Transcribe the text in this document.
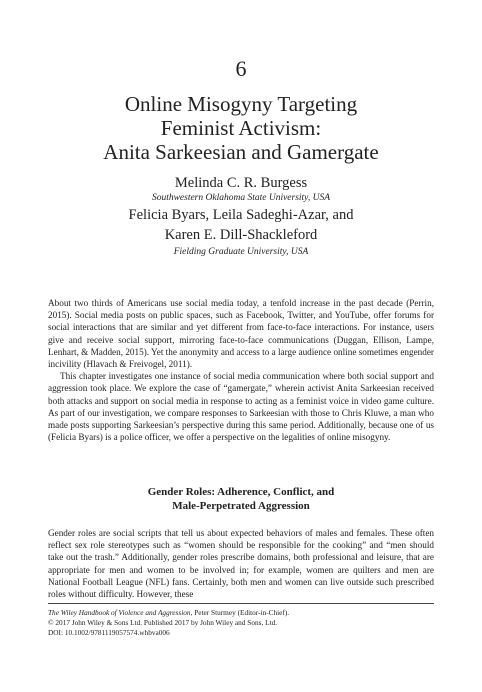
6
Online Misogyny Targeting
Feminist Activism:
Anita Sarkeesian and Gamergate
Melinda C. R. Burgess
Southwestern Oklahoma State University, USA
Felicia Byars, Leila Sadeghi-Azar, and
Karen E. Dill-Shackleford
Fielding Graduate University, USA

About two thirds of Americans use social media today, a tenfold increase in the past decade (Perrin, 2015). Social media posts on public spaces, such as Facebook, Twitter, and YouTube, offer forums for social interactions that are similar and yet different from face-to-face interactions. For instance, users give and receive social support, mirroring face-to-face communications (Duggan, Ellison, Lampe, Lenhart, & Madden, 2015). Yet the anonymity and access to a large audience online sometimes engender incivility (Hlavach & Freivogel, 2011).

This chapter investigates one instance of social media communication where both social support and aggression took place. We explore the case of “gamergate,” wherein activist Anita Sarkeesian received both attacks and support on social media in response to acting as a feminist voice in video game culture. As part of our investigation, we compare responses to Sarkeesian with those to Chris Kluwe, a man who made posts supporting Sarkeesian’s perspective during this same period. Additionally, because one of us (Felicia Byars) is a police officer, we offer a perspective on the legalities of online misogyny.

Gender Roles: Adherence, Conflict, and
Male-Perpetrated Aggression

Gender roles are social scripts that tell us about expected behaviors of males and females. These often reflect sex role stereotypes such as “women should be responsible for the cooking” and “men should take out the trash.” Additionally, gender roles prescribe domains, both professional and leisure, that are appropriate for men and women to be involved in; for example, women are quilters and men are National Football League (NFL) fans. Certainly, both men and women can live outside such prescribed roles without difficulty. However, these

The Wiley Handbook of Violence and Aggression, Peter Sturmey (Editor-in-Chief).
© 2017 John Wiley & Sons Ltd. Published 2017 by John Wiley and Sons, Ltd.
DOI: 10.1002/9781119057574.whbva006
